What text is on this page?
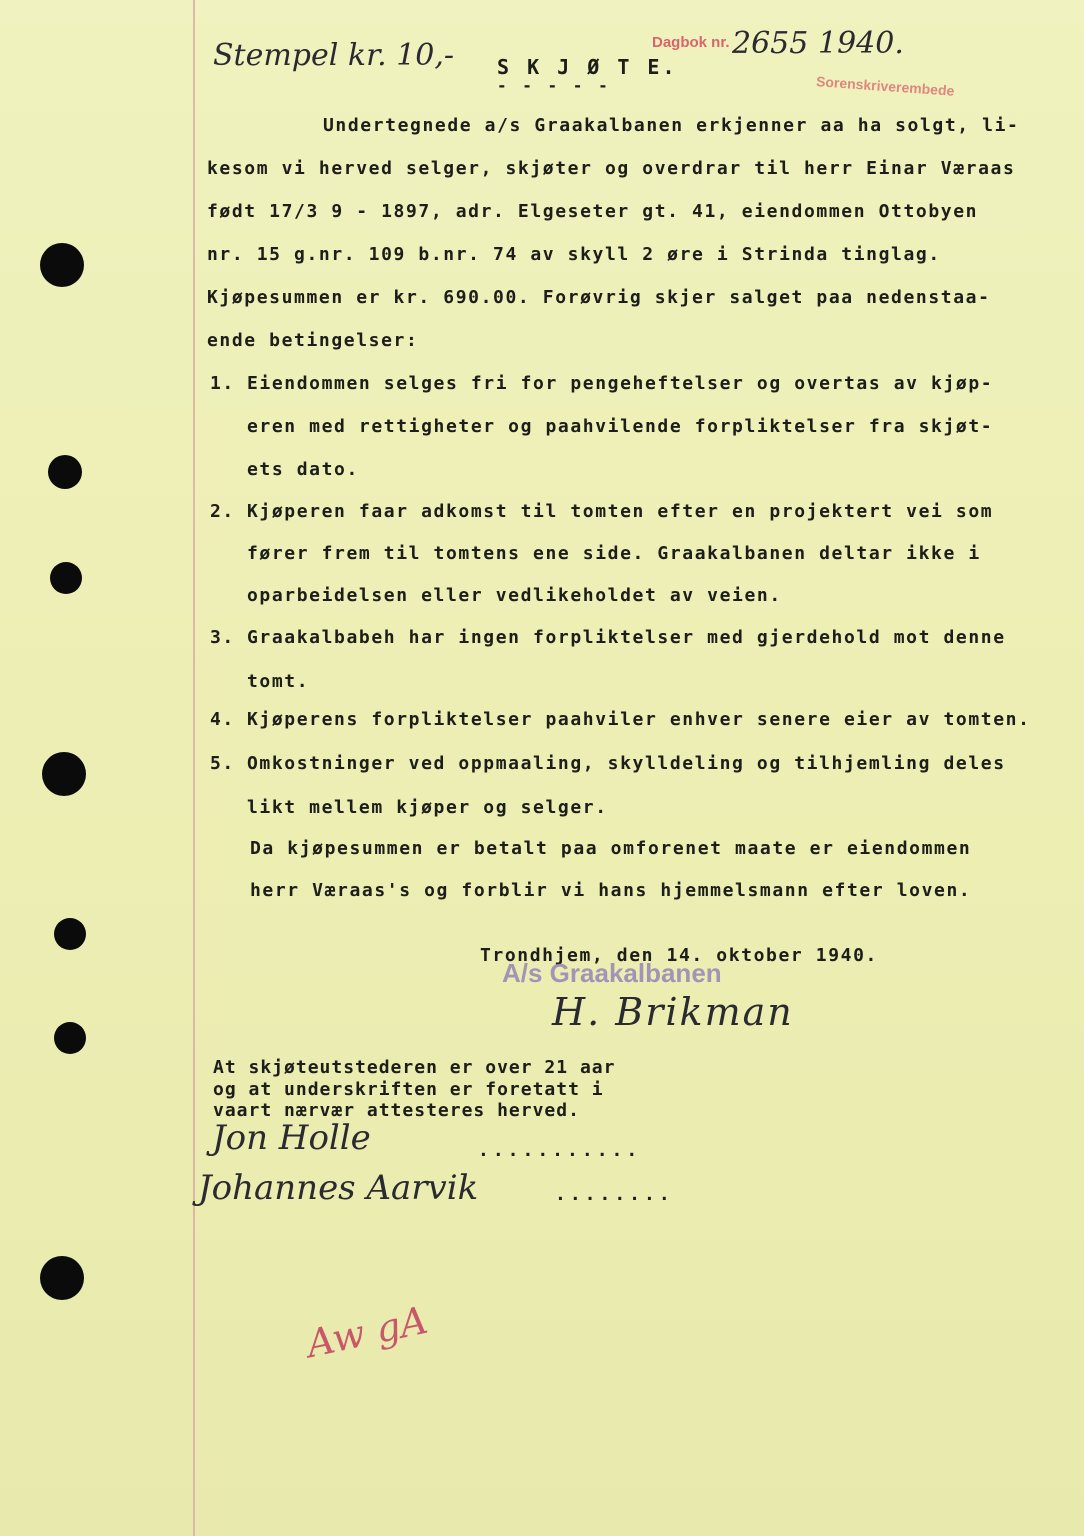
Stempel kr. 10,- S K J Ø T E.
- - - - -
Dagbok nr. 2655 1940.
Sorenskriverembede
Undertegnede a/s Graakalbanen erkjenner aa ha solgt, li-
kesom vi herved selger, skjøter og overdrar til herr Einar Væraas
født 17/3 9 - 1897, adr. Elgeseter gt. 41, eiendommen Ottobyen
nr. 15 g.nr. 109 b.nr. 74 av skyll 2 øre i Strinda tinglag.
Kjøpesummen er kr. 690.00. Forøvrig skjer salget paa nedenstaa-
ende betingelser:
1. Eiendommen selges fri for pengeheftelser og overtas av kjøp-
eren med rettigheter og paahvilende forpliktelser fra skjøt-
ets dato.
2. Kjøperen faar adkomst til tomten efter en projektert vei som
fører frem til tomtens ene side. Graakalbanen deltar ikke i
oparbeidelsen eller vedlikeholdet av veien.
3. Graakalbabeh har ingen forpliktelser med gjerdehold mot denne
tomt.
4. Kjøperens forpliktelser paahviler enhver senere eier av tomten.
5. Omkostninger ved oppmaaling, skylldeling og tilhjemling deles
likt mellem kjøper og selger.
Da kjøpesummen er betalt paa omforenet maate er eiendommen
herr Væraas's og forblir vi hans hjemmelsmann efter loven.
Trondhjem, den 14. oktober 1940.
A/s Graakalbanen
H. Brikman
At skjøteutstederen er over 21 aar
og at underskriften er foretatt i
vaart nærvær attesteres herved.
Jon Holle	...........
Johannes Aarvik	........
Aw gA
